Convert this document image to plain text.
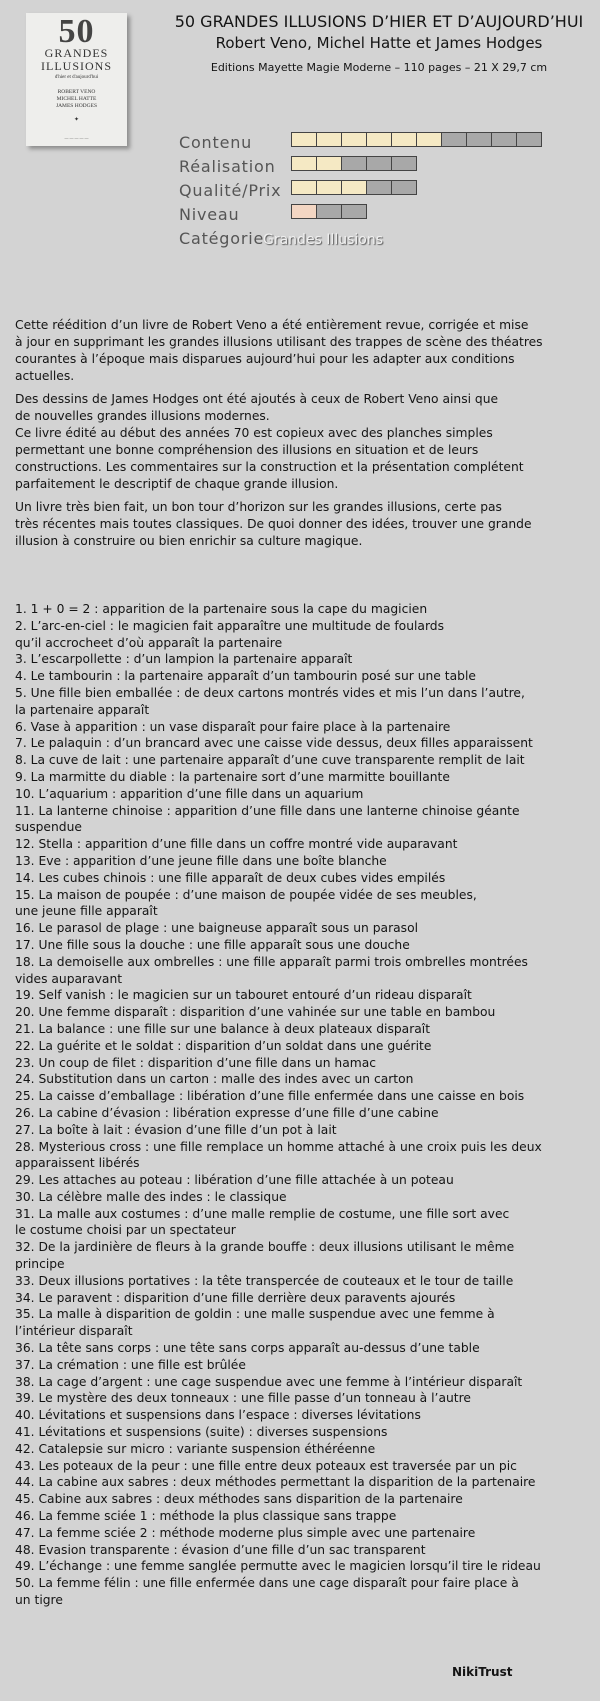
50
GRANDES
ILLUSIONS
d'hier et d'aujourd'hui
ROBERT VENO
MICHEL HATTE
JAMES HODGES
✦
— — — — —
50 GRANDES ILLUSIONS D’HIER ET D’AUJOURD’HUI
Robert Veno, Michel Hatte et James Hodges
Editions Mayette Magie Moderne – 110 pages – 21 X 29,7 cm
Contenu
Réalisation
Qualité/Prix
Niveau
Catégorie
Grandes Illusions

Cette réédition d’un livre de Robert Veno a été entièrement revue, corrigée et mise
à jour en supprimant les grandes illusions utilisant des trappes de scène des théatres
courantes à l’époque mais disparues aujourd’hui pour les adapter aux conditions
actuelles.

Des dessins de James Hodges ont été ajoutés à ceux de Robert Veno ainsi que
de nouvelles grandes illusions modernes.
Ce livre édité au début des années 70 est copieux avec des planches simples
permettant une bonne compréhension des illusions en situation et de leurs
constructions. Les commentaires sur la construction et la présentation complétent
parfaitement le descriptif de chaque grande illusion.

Un livre très bien fait, un bon tour d’horizon sur les grandes illusions, certe pas
très récentes mais toutes classiques. De quoi donner des idées, trouver une grande
illusion à construire ou bien enrichir sa culture magique.

1. 1 + 0 = 2 : apparition de la partenaire sous la cape du magicien
2. L’arc-en-ciel : le magicien fait apparaître une multitude de foulards
qu’il accrocheet d’où apparaît la partenaire
3. L’escarpollette : d’un lampion la partenaire apparaît
4. Le tambourin : la partenaire apparaît d’un tambourin posé sur une table
5. Une fille bien emballée : de deux cartons montrés vides et mis l’un dans l’autre,
la partenaire apparaît
6. Vase à apparition : un vase disparaît pour faire place à la partenaire
7. Le palaquin : d’un brancard avec une caisse vide dessus, deux filles apparaissent
8. La cuve de lait : une partenaire apparaît d’une cuve transparente remplit de lait
9. La marmitte du diable : la partenaire sort d’une marmitte bouillante
10. L’aquarium : apparition d’une fille dans un aquarium
11. La lanterne chinoise : apparition d’une fille dans une lanterne chinoise géante
suspendue
12. Stella : apparition d’une fille dans un coffre montré vide auparavant
13. Eve : apparition d’une jeune fille dans une boîte blanche
14. Les cubes chinois : une fille apparaît de deux cubes vides empilés
15. La maison de poupée : d’une maison de poupée vidée de ses meubles,
une jeune fille apparaît
16. Le parasol de plage : une baigneuse apparaît sous un parasol
17. Une fille sous la douche : une fille apparaît sous une douche
18. La demoiselle aux ombrelles : une fille apparaît parmi trois ombrelles montrées
vides auparavant
19. Self vanish : le magicien sur un tabouret entouré d’un rideau disparaît
20. Une femme disparaît : disparition d’une vahinée sur une table en bambou
21. La balance : une fille sur une balance à deux plateaux disparaît
22. La guérite et le soldat : disparition d’un soldat dans une guérite
23. Un coup de filet : disparition d’une fille dans un hamac
24. Substitution dans un carton : malle des indes avec un carton
25. La caisse d’emballage : libération d’une fille enfermée dans une caisse en bois
26. La cabine d’évasion : libération expresse d’une fille d’une cabine
27. La boîte à lait : évasion d’une fille d’un pot à lait
28. Mysterious cross : une fille remplace un homme attaché à une croix puis les deux
apparaissent libérés
29. Les attaches au poteau : libération d’une fille attachée à un poteau
30. La célèbre malle des indes : le classique
31. La malle aux costumes : d’une malle remplie de costume, une fille sort avec
le costume choisi par un spectateur
32. De la jardinière de fleurs à la grande bouffe : deux illusions utilisant le même
principe
33. Deux illusions portatives : la tête transpercée de couteaux et le tour de taille
34. Le paravent : disparition d’une fille derrière deux paravents ajourés
35. La malle à disparition de goldin : une malle suspendue avec une femme à
l’intérieur disparaît
36. La tête sans corps : une tête sans corps apparaît au-dessus d’une table
37. La crémation : une fille est brûlée
38. La cage d’argent : une cage suspendue avec une femme à l’intérieur disparaît
39. Le mystère des deux tonneaux : une fille passe d’un tonneau à l’autre
40. Lévitations et suspensions dans l’espace : diverses lévitations
41. Lévitations et suspensions (suite) : diverses suspensions
42. Catalepsie sur micro : variante suspension éthéréenne
43. Les poteaux de la peur : une fille entre deux poteaux est traversée par un pic
44. La cabine aux sabres : deux méthodes permettant la disparition de la partenaire
45. Cabine aux sabres : deux méthodes sans disparition de la partenaire
46. La femme sciée 1 : méthode la plus classique sans trappe
47. La femme sciée 2 : méthode moderne plus simple avec une partenaire
48. Evasion transparente : évasion d’une fille d’un sac transparent
49. L’échange : une femme sanglée permutte avec le magicien lorsqu’il tire le rideau
50. La femme félin : une fille enfermée dans une cage disparaît pour faire place à
un tigre
NikiTrust
